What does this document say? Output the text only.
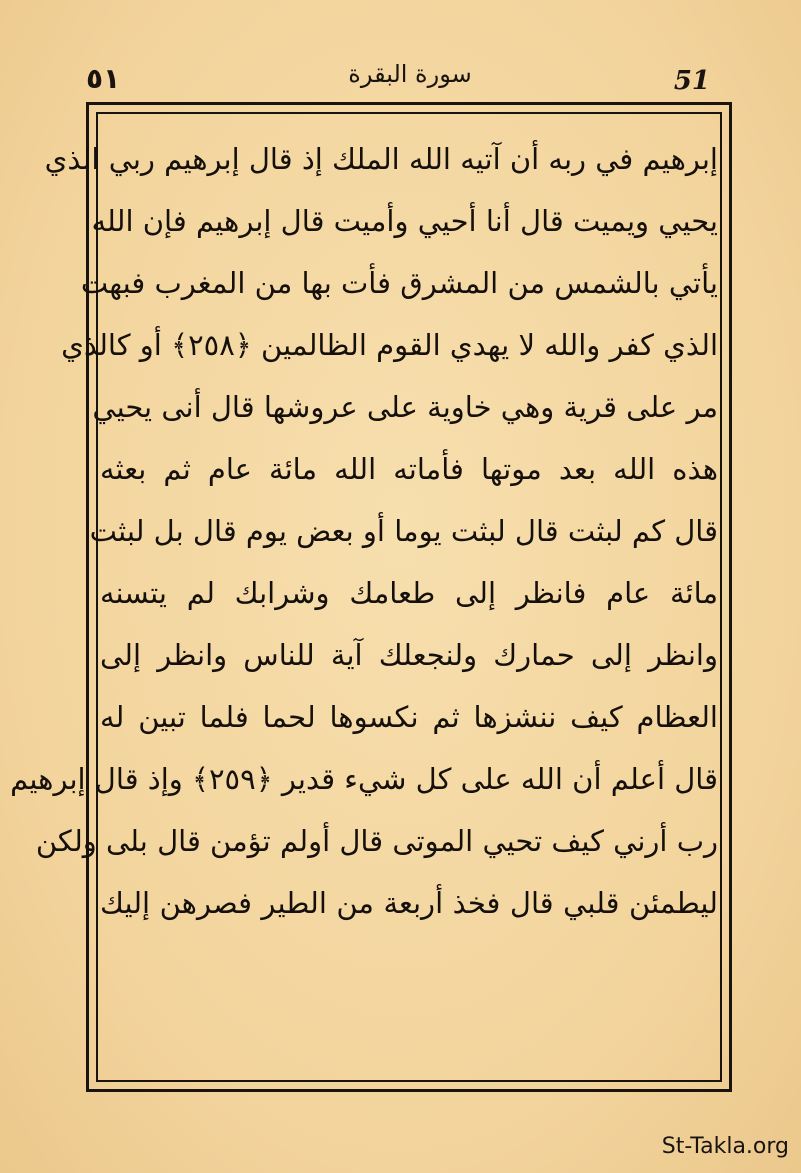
٥١	سورة البقرة	51
إبرهيم في ربه أن آتيه الله الملك إذ قال إبرهيم ربي الذي
يحيي ويميت قال أنا أحيي وأميت قال إبرهيم فإن الله
يأتي بالشمس من المشرق فأت بها من المغرب فبهت
الذي كفر والله لا يهدي القوم الظالمين ﴿٢٥٨﴾ أو كالذي
مر على قرية وهي خاوية على عروشها قال أنى يحيي
هذه الله بعد موتها فأماته الله مائة عام ثم بعثه
قال كم لبثت قال لبثت يوما أو بعض يوم قال بل لبثت
مائة عام فانظر إلى طعامك وشرابك لم يتسنه
وانظر إلى حمارك ولنجعلك آية للناس وانظر إلى
العظام كيف ننشزها ثم نكسوها لحما فلما تبين له
قال أعلم أن الله على كل شيء قدير ﴿٢٥٩﴾ وإذ قال إبرهيم
رب أرني كيف تحيي الموتى قال أولم تؤمن قال بلى ولكن
ليطمئن قلبي قال فخذ أربعة من الطير فصرهن إليك
St-Takla.org
